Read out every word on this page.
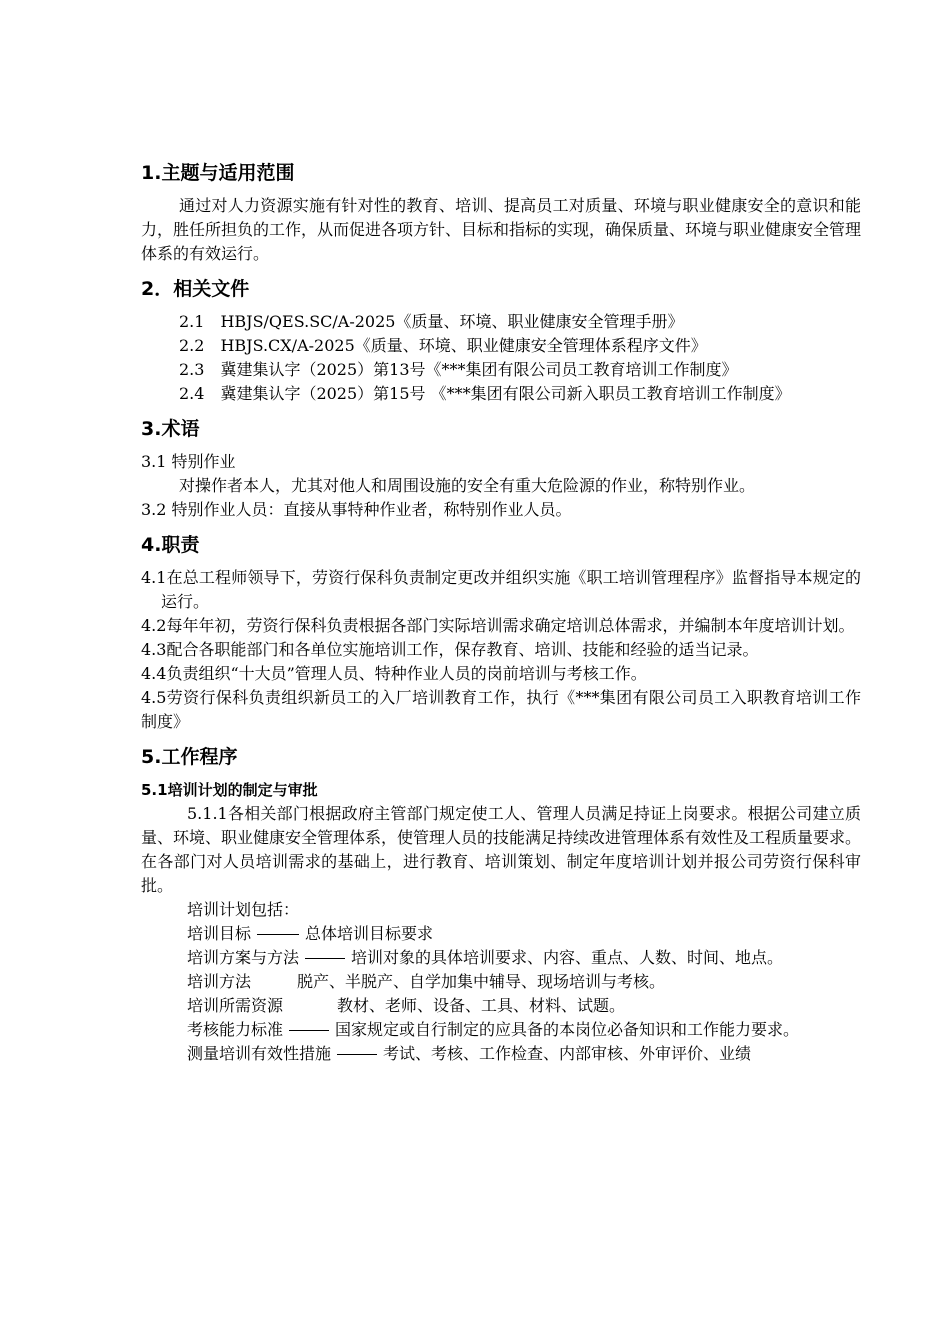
1.主题与适用范围

通过对人力资源实施有针对性的教育、培训、提高员工对质量、环境与职业健康安全的意识和能力，胜任所担负的工作，从而促进各项方针、目标和指标的实现，确保质量、环境与职业健康安全管理体系的有效运行。

2．相关文件

2.1　HBJS/QES.SC/A-2025《质量、环境、职业健康安全管理手册》

2.2　HBJS.CX/A-2025《质量、环境、职业健康安全管理体系程序文件》

2.3　冀建集认字（2025）第13号《***集团有限公司员工教育培训工作制度》

2.4　冀建集认字（2025）第15号 《***集团有限公司新入职员工教育培训工作制度》

3.术语

3.1 特别作业

对操作者本人，尤其对他人和周围设施的安全有重大危险源的作业，称特别作业。

3.2 特别作业人员：直接从事特种作业者，称特别作业人员。

4.职责

4.1在总工程师领导下，劳资行保科负责制定更改并组织实施《职工培训管理程序》监督指导本规定的运行。

4.2每年年初，劳资行保科负责根据各部门实际培训需求确定培训总体需求，并编制本年度培训计划。

4.3配合各职能部门和各单位实施培训工作，保存教育、培训、技能和经验的适当记录。

4.4负责组织“十大员”管理人员、特种作业人员的岗前培训与考核工作。

4.5劳资行保科负责组织新员工的入厂培训教育工作，执行《***集团有限公司员工入职教育培训工作制度》

5.工作程序
5.1培训计划的制定与审批

5.1.1各相关部门根据政府主管部门规定使工人、管理人员满足持证上岗要求。根据公司建立质量、环境、职业健康安全管理体系，使管理人员的技能满足持续改进管理体系有效性及工程质量要求。在各部门对人员培训需求的基础上，进行教育、培训策划、制定年度培训计划并报公司劳资行保科审批。

培训计划包括：

培训目标	总体培训目标要求

培训方案与方法	培训对象的具体培训要求、内容、重点、人数、时间、地点。

培训方法	脱产、半脱产、自学加集中辅导、现场培训与考核。

培训所需资源	教材、老师、设备、工具、材料、试题。

考核能力标准	国家规定或自行制定的应具备的本岗位必备知识和工作能力要求。

测量培训有效性措施	考试、考核、工作检查、内部审核、外审评价、业绩
